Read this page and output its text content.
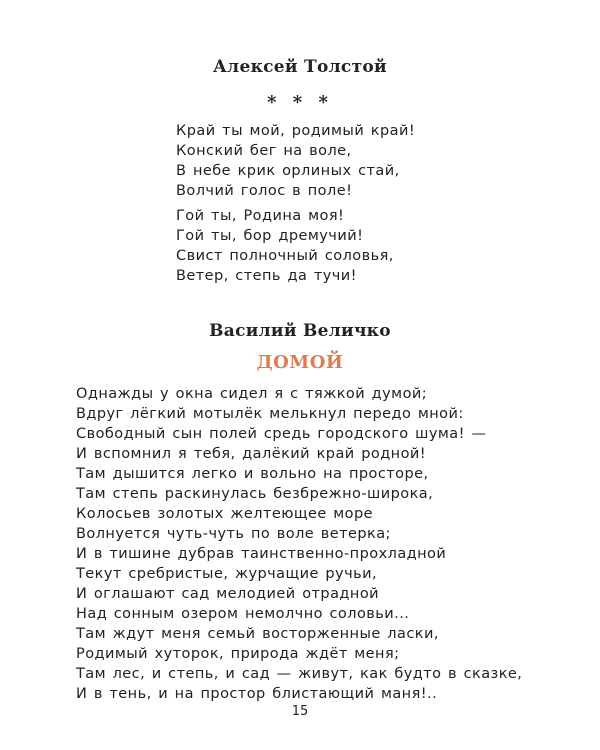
Алексей Толстой
* * *
Край ты мой, родимый край!
Конский бег на воле,
В небе крик орлиных стай,
Волчий голос в поле!
Гой ты, Родина моя!
Гой ты, бор дремучий!
Свист полночный соловья,
Ветер, степь да тучи!
Василий Величко
ДОМОЙ
Однажды у окна сидел я с тяжкой думой;
Вдруг лёгкий мотылёк мелькнул передо мной:
Свободный сын полей средь городского шума! —
И вспомнил я тебя, далёкий край родной!
Там дышится легко и вольно на просторе,
Там степь раскинулась безбрежно-широка,
Колосьев золотых желтеющее море
Волнуется чуть-чуть по воле ветерка;
И в тишине дубрав таинственно-прохладной
Текут сребристые, журчащие ручьи,
И оглашают сад мелодией отрадной
Над сонным озером немолчно соловьи...
Там ждут меня семьй восторженные ласки,
Родимый хуторок, природа ждёт меня;
Там лес, и степь, и сад — живут, как будто в сказке,
И в тень, и на простор блистающий маня!..
15
